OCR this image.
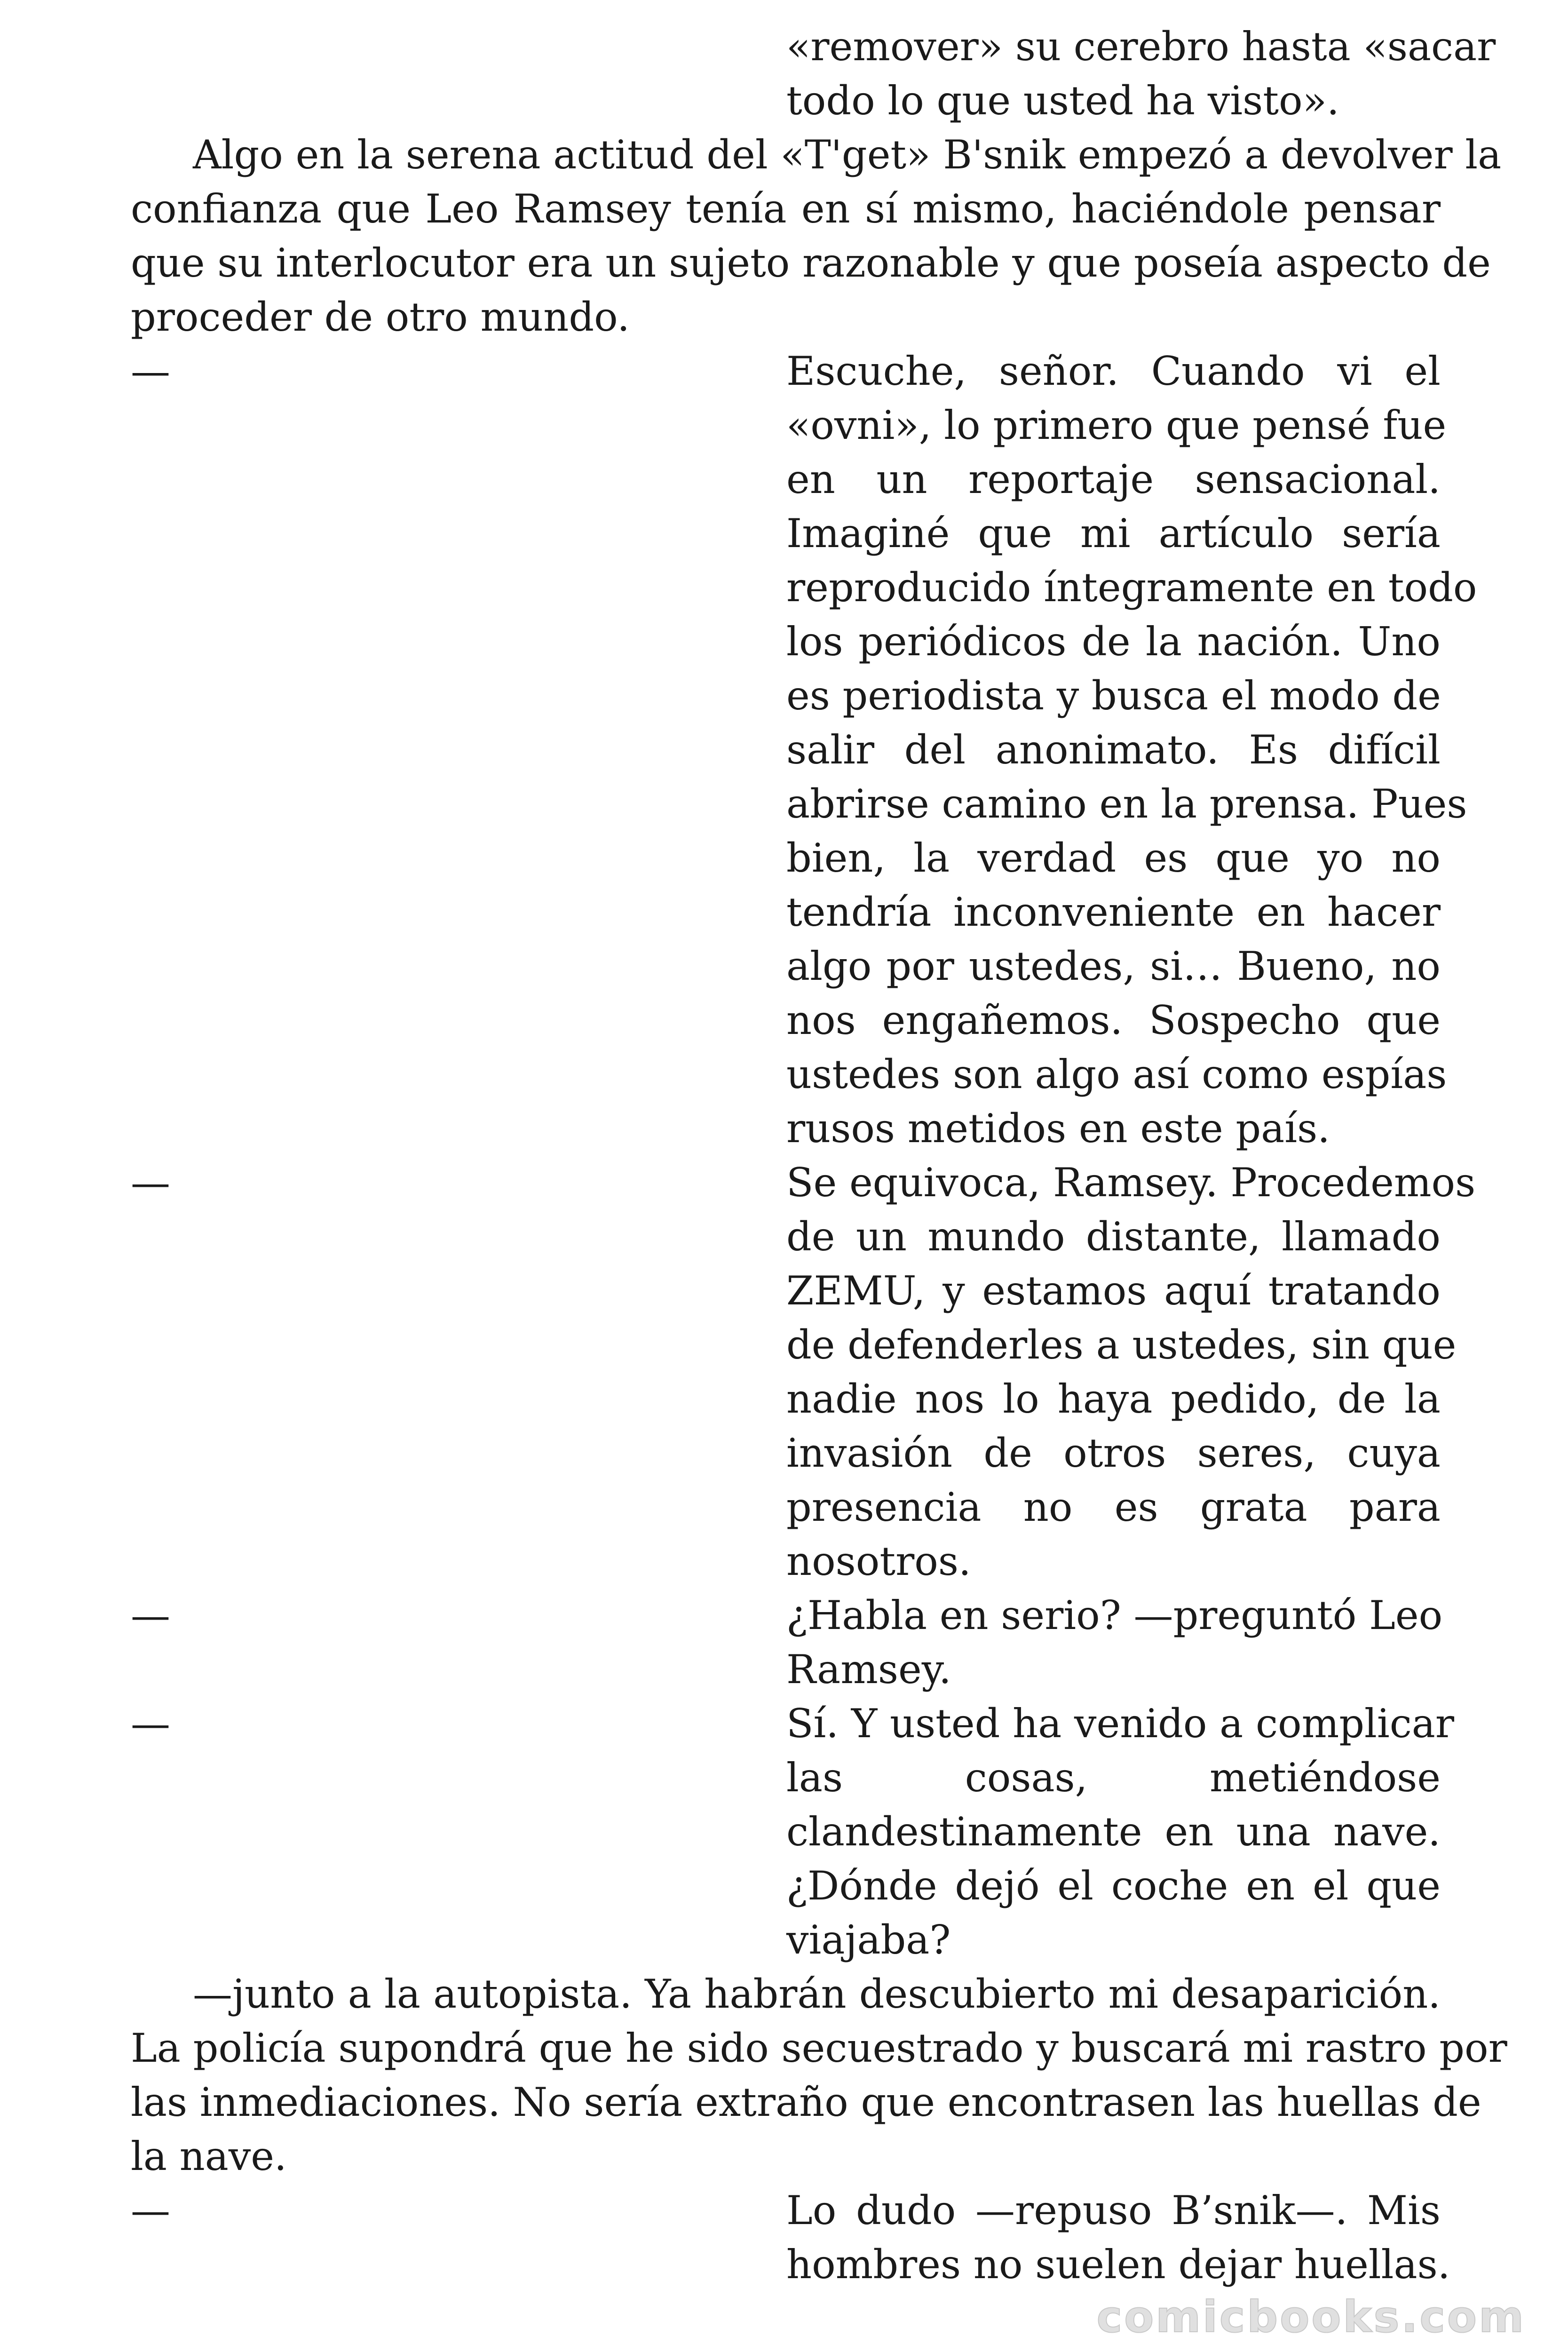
«remover» su cerebro hasta «sacar
todo lo que usted ha visto».
Algo en la serena actitud del «T'get» B'snik empezó a devolver la
confianza que Leo Ramsey tenía en sí mismo, haciéndole pensar
que su interlocutor era un sujeto razonable y que poseía aspecto de
proceder de otro mundo.
—	Escuche, señor. Cuando vi el
«ovni», lo primero que pensé fue
en un reportaje sensacional.
Imaginé que mi artículo sería
reproducido íntegramente en todo
los periódicos de la nación. Uno
es periodista y busca el modo de
salir del anonimato. Es difícil
abrirse camino en la prensa. Pues
bien, la verdad es que yo no
tendría inconveniente en hacer
algo por ustedes, si… Bueno, no
nos engañemos. Sospecho que
ustedes son algo así como espías
rusos metidos en este país.
—	Se equivoca, Ramsey. Procedemos
de un mundo distante, llamado
ZEMU, y estamos aquí tratando
de defenderles a ustedes, sin que
nadie nos lo haya pedido, de la
invasión de otros seres, cuya
presencia no es grata para
nosotros.
—	¿Habla en serio? —preguntó Leo
Ramsey.
—	Sí. Y usted ha venido a complicar
las cosas, metiéndose
clandestinamente en una nave.
¿Dónde dejó el coche en el que
viajaba?
—junto a la autopista. Ya habrán descubierto mi desaparición.
La policía supondrá que he sido secuestrado y buscará mi rastro por
las inmediaciones. No sería extraño que encontrasen las huellas de
la nave.
—	Lo dudo —repuso B’snik—. Mis
hombres no suelen dejar huellas.
comicbooks.com
